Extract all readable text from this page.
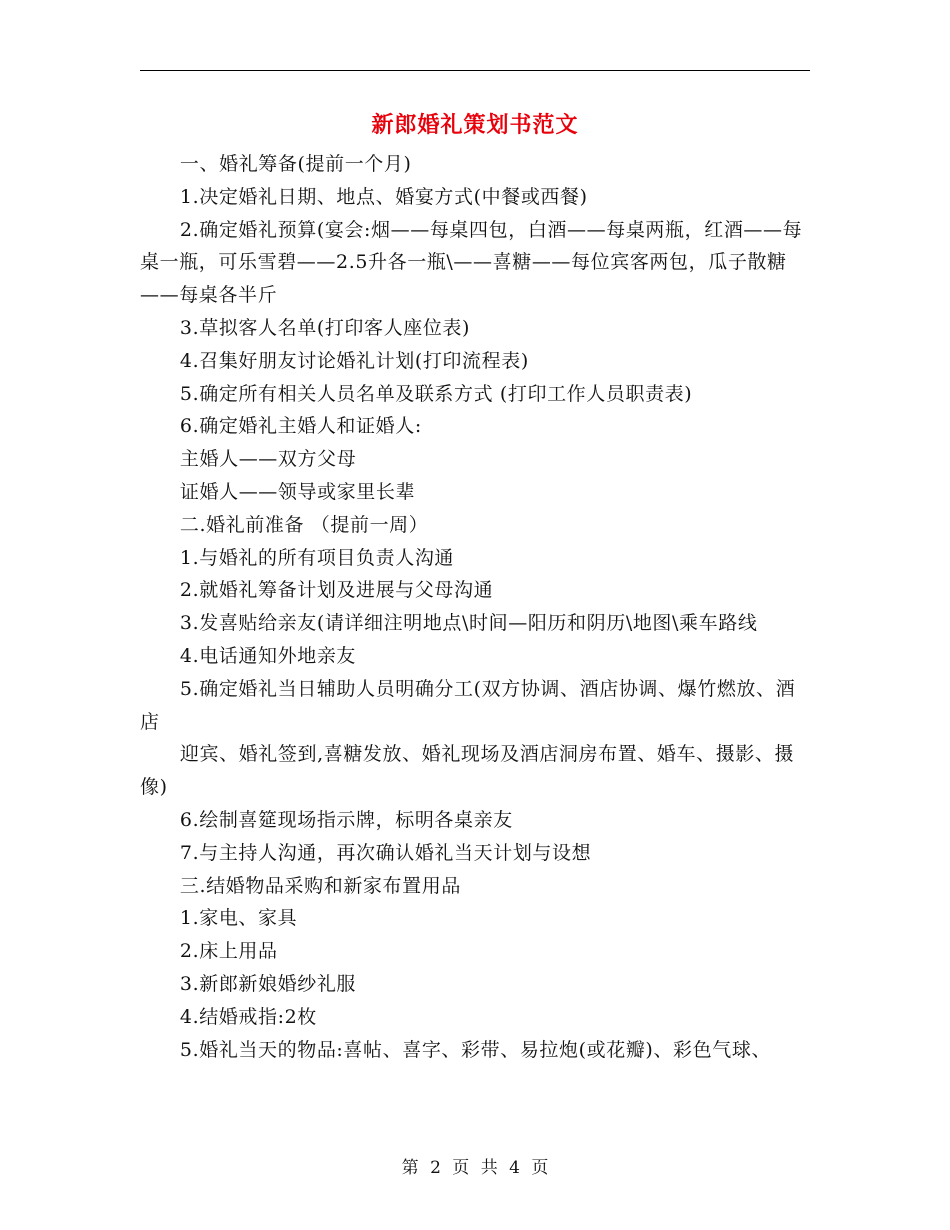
新郎婚礼策划书范文

一、婚礼筹备(提前一个月)

1.决定婚礼日期、地点、婚宴方式(中餐或西餐)

2.确定婚礼预算(宴会:烟——每桌四包，白酒——每桌两瓶，红酒——每桌一瓶，可乐雪碧——2.5升各一瓶\——喜糖——每位宾客两包，瓜子散糖——每桌各半斤

3.草拟客人名单(打印客人座位表)

4.召集好朋友讨论婚礼计划(打印流程表)

5.确定所有相关人员名单及联系方式 (打印工作人员职责表)

6.确定婚礼主婚人和证婚人:

主婚人——双方父母

证婚人——领导或家里长辈

二.婚礼前准备 （提前一周）

1.与婚礼的所有项目负责人沟通

2.就婚礼筹备计划及进展与父母沟通

3.发喜贴给亲友(请详细注明地点\时间—阳历和阴历\地图\乘车路线

4.电话通知外地亲友

5.确定婚礼当日辅助人员明确分工(双方协调、酒店协调、爆竹燃放、酒店

迎宾、婚礼签到,喜糖发放、婚礼现场及酒店洞房布置、婚车、摄影、摄像)

6.绘制喜筵现场指示牌，标明各桌亲友

7.与主持人沟通，再次确认婚礼当天计划与设想

三.结婚物品采购和新家布置用品

1.家电、家具

2.床上用品

3.新郎新娘婚纱礼服

4.结婚戒指:2枚

5.婚礼当天的物品:喜帖、喜字、彩带、易拉炮(或花瓣)、彩色气球、

第 2 页 共 4 页
